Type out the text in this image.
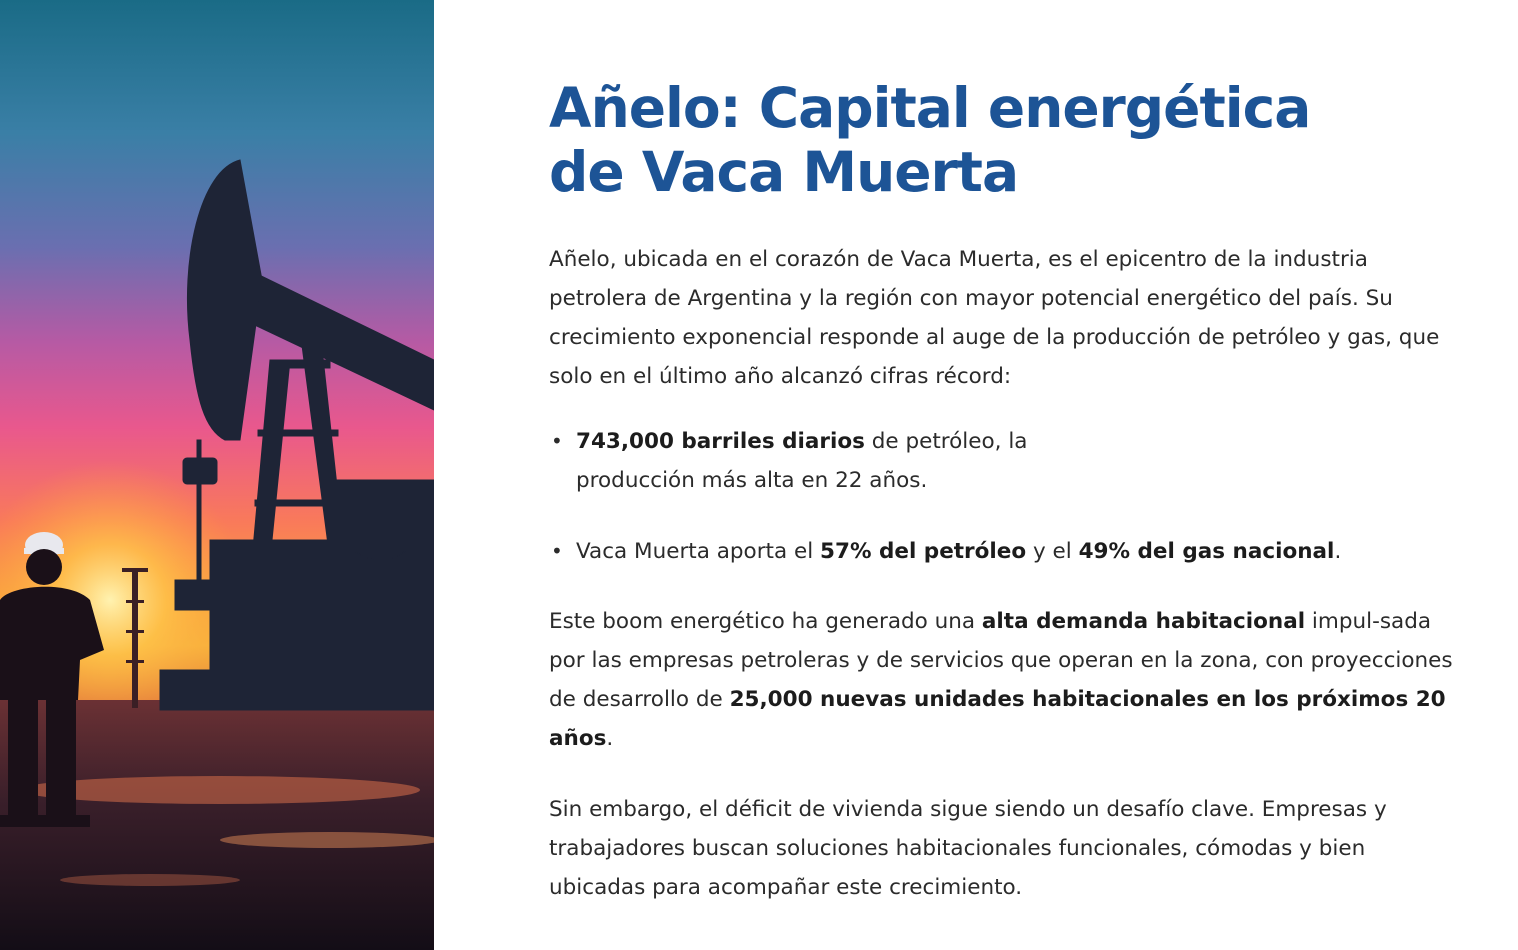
Añelo: Capital energética
de Vaca Muerta

Añelo, ubicada en el corazón de Vaca Muerta, es el epicentro de la industria petrolera de Argentina y la región con mayor potencial energético del país. Su crecimiento exponencial responde al auge de la producción de petróleo y gas, que solo en el último año alcanzó cifras récord:

• 743,000 barriles diarios de petróleo, la producción más alta en 22 años.
• Vaca Muerta aporta el 57% del petróleo y el 49% del gas nacional.

Este boom energético ha generado una alta demanda habitacional impul-sada por las empresas petroleras y de servicios que operan en la zona, con proyecciones de desarrollo de 25,000 nuevas unidades habitacionales en los próximos 20 años.

Sin embargo, el déficit de vivienda sigue siendo un desafío clave. Empresas y trabajadores buscan soluciones habitacionales funcionales, cómodas y bien ubicadas para acompañar este crecimiento.
